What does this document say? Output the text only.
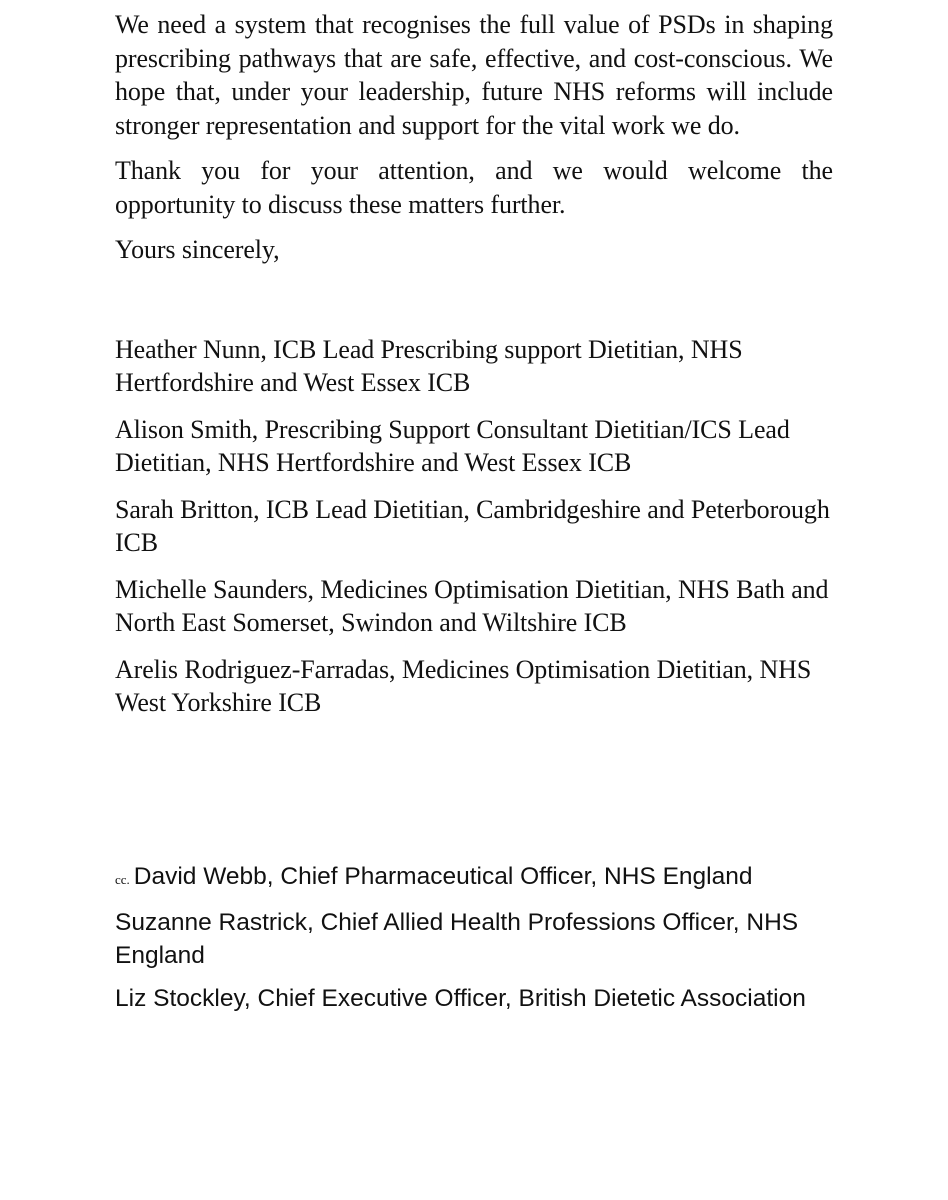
We need a system that recognises the full value of PSDs in shaping prescribing pathways that are safe, effective, and cost-conscious. We hope that, under your leadership, future NHS reforms will include stronger representation and support for the vital work we do.

Thank you for your attention, and we would welcome the opportunity to discuss these matters further.

Yours sincerely,

Heather Nunn, ICB Lead Prescribing support Dietitian, NHS Hertfordshire and West Essex ICB

Alison Smith, Prescribing Support Consultant Dietitian/ICS Lead Dietitian, NHS Hertfordshire and West Essex ICB

Sarah Britton, ICB Lead Dietitian, Cambridgeshire and Peterborough ICB

Michelle Saunders, Medicines Optimisation Dietitian, NHS Bath and North East Somerset, Swindon and Wiltshire ICB

Arelis Rodriguez-Farradas, Medicines Optimisation Dietitian, NHS West Yorkshire ICB

cc. David Webb, Chief Pharmaceutical Officer, NHS England

Suzanne Rastrick, Chief Allied Health Professions Officer, NHS England

Liz Stockley, Chief Executive Officer, British Dietetic Association
